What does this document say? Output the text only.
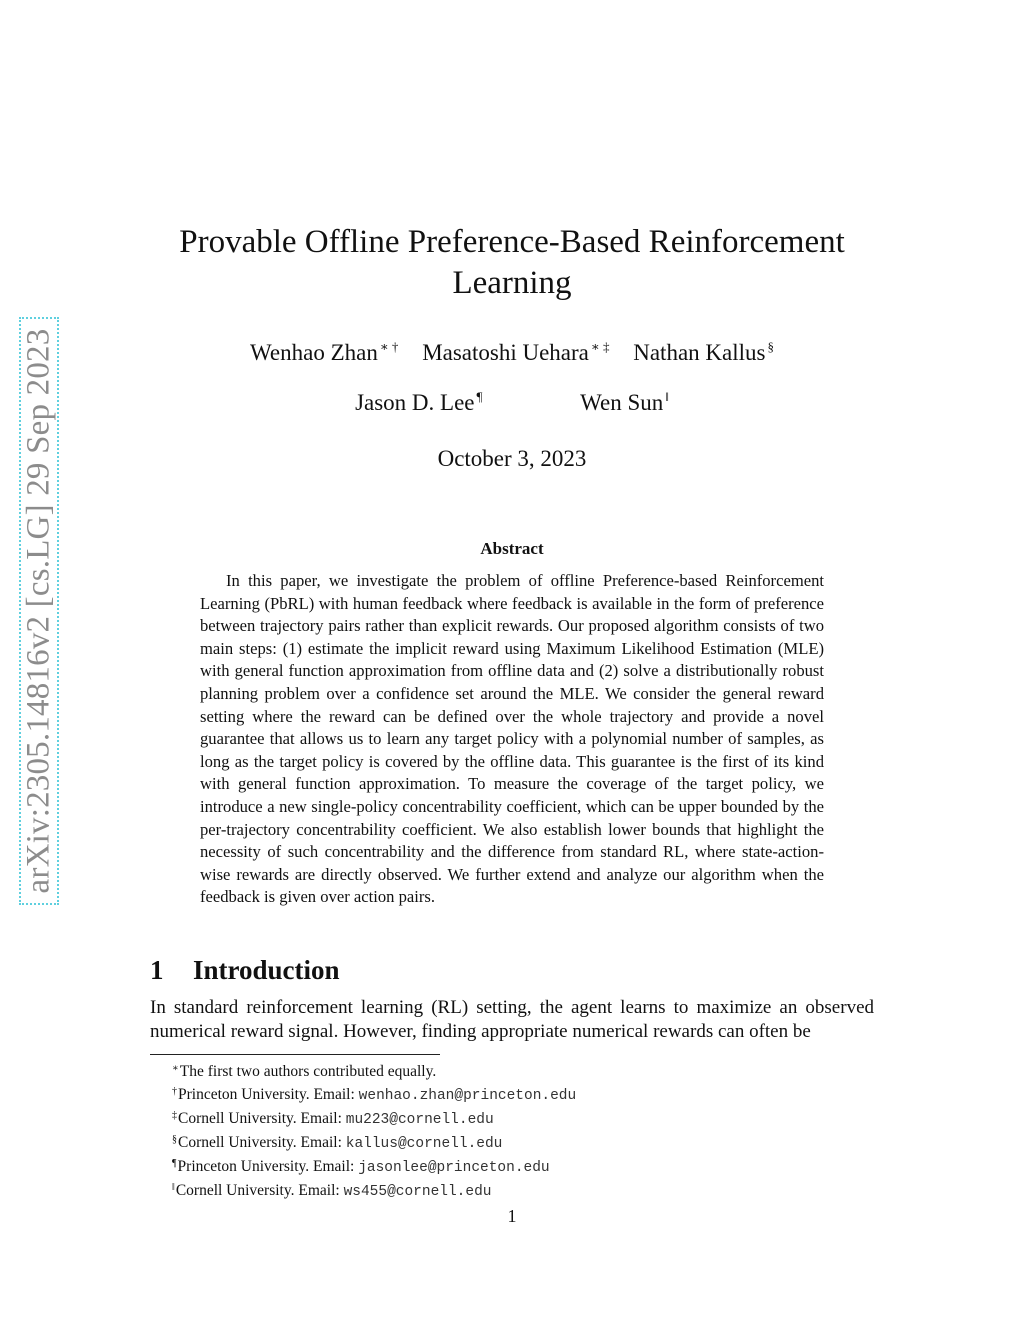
arXiv:2305.14816v2 [cs.LG] 29 Sep 2023
Provable Offline Preference-Based Reinforcement Learning
Wenhao Zhan ∗ † Masatoshi Uehara ∗ ‡ Nathan Kallus §
Jason D. Lee ¶	Wen Sun ‖
October 3, 2023
Abstract

In this paper, we investigate the problem of offline Preference-based Reinforcement Learning (PbRL) with human feedback where feedback is available in the form of preference between trajectory pairs rather than explicit rewards. Our proposed algorithm consists of two main steps: (1) estimate the implicit reward using Maximum Likelihood Estimation (MLE) with general function approximation from offline data and (2) solve a distributionally robust planning problem over a confidence set around the MLE. We consider the general reward setting where the reward can be defined over the whole trajectory and provide a novel guarantee that allows us to learn any target policy with a polynomial number of samples, as long as the target policy is covered by the offline data. This guarantee is the first of its kind with general function approximation. To measure the coverage of the target policy, we introduce a new single-policy concentrability coefficient, which can be upper bounded by the per-trajectory concentrability coefficient. We also establish lower bounds that highlight the necessity of such concentrability and the difference from standard RL, where state-action-wise rewards are directly observed. We further extend and analyze our algorithm when the feedback is given over action pairs.

1 Introduction

In standard reinforcement learning (RL) setting, the agent learns to maximize an observed numerical reward signal. However, finding appropriate numerical rewards can often be

∗The first two authors contributed equally.
†Princeton University. Email: wenhao.zhan@princeton.edu
‡Cornell University. Email: mu223@cornell.edu
§Cornell University. Email: kallus@cornell.edu
¶Princeton University. Email: jasonlee@princeton.edu
‖Cornell University. Email: ws455@cornell.edu
1
